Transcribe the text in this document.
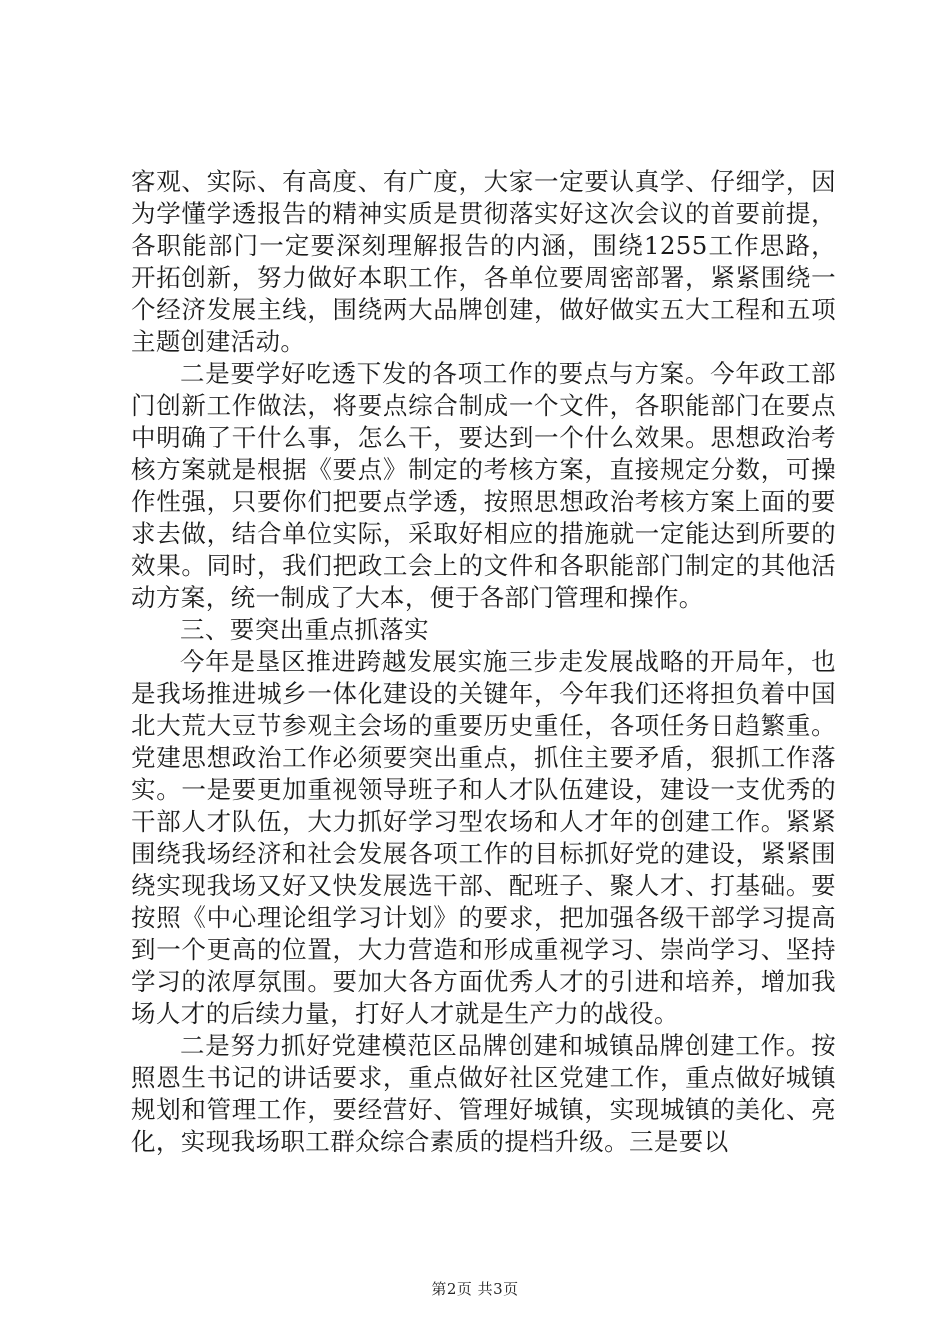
客观、实际、有高度、有广度，大家一定要认真学、仔细学，因为学懂学透报告的精神实质是贯彻落实好这次会议的首要前提，各职能部门一定要深刻理解报告的内涵，围绕1255工作思路，开拓创新，努力做好本职工作，各单位要周密部署，紧紧围绕一个经济发展主线，围绕两大品牌创建，做好做实五大工程和五项主题创建活动。

二是要学好吃透下发的各项工作的要点与方案。今年政工部门创新工作做法，将要点综合制成一个文件，各职能部门在要点中明确了干什么事，怎么干，要达到一个什么效果。思想政治考核方案就是根据《要点》制定的考核方案，直接规定分数，可操作性强，只要你们把要点学透，按照思想政治考核方案上面的要求去做，结合单位实际，采取好相应的措施就一定能达到所要的效果。同时，我们把政工会上的文件和各职能部门制定的其他活动方案，统一制成了大本，便于各部门管理和操作。

三、要突出重点抓落实

今年是垦区推进跨越发展实施三步走发展战略的开局年，也是我场推进城乡一体化建设的关键年，今年我们还将担负着中国北大荒大豆节参观主会场的重要历史重任，各项任务日趋繁重。党建思想政治工作必须要突出重点，抓住主要矛盾，狠抓工作落实。一是要更加重视领导班子和人才队伍建设，建设一支优秀的干部人才队伍，大力抓好学习型农场和人才年的创建工作。紧紧围绕我场经济和社会发展各项工作的目标抓好党的建设，紧紧围绕实现我场又好又快发展选干部、配班子、聚人才、打基础。要按照《中心理论组学习计划》的要求，把加强各级干部学习提高到一个更高的位置，大力营造和形成重视学习、崇尚学习、坚持学习的浓厚氛围。要加大各方面优秀人才的引进和培养，增加我场人才的后续力量，打好人才就是生产力的战役。

二是努力抓好党建模范区品牌创建和城镇品牌创建工作。按照恩生书记的讲话要求，重点做好社区党建工作，重点做好城镇规划和管理工作，要经营好、管理好城镇，实现城镇的美化、亮化，实现我场职工群众综合素质的提档升级。三是要以

第2页 共3页
